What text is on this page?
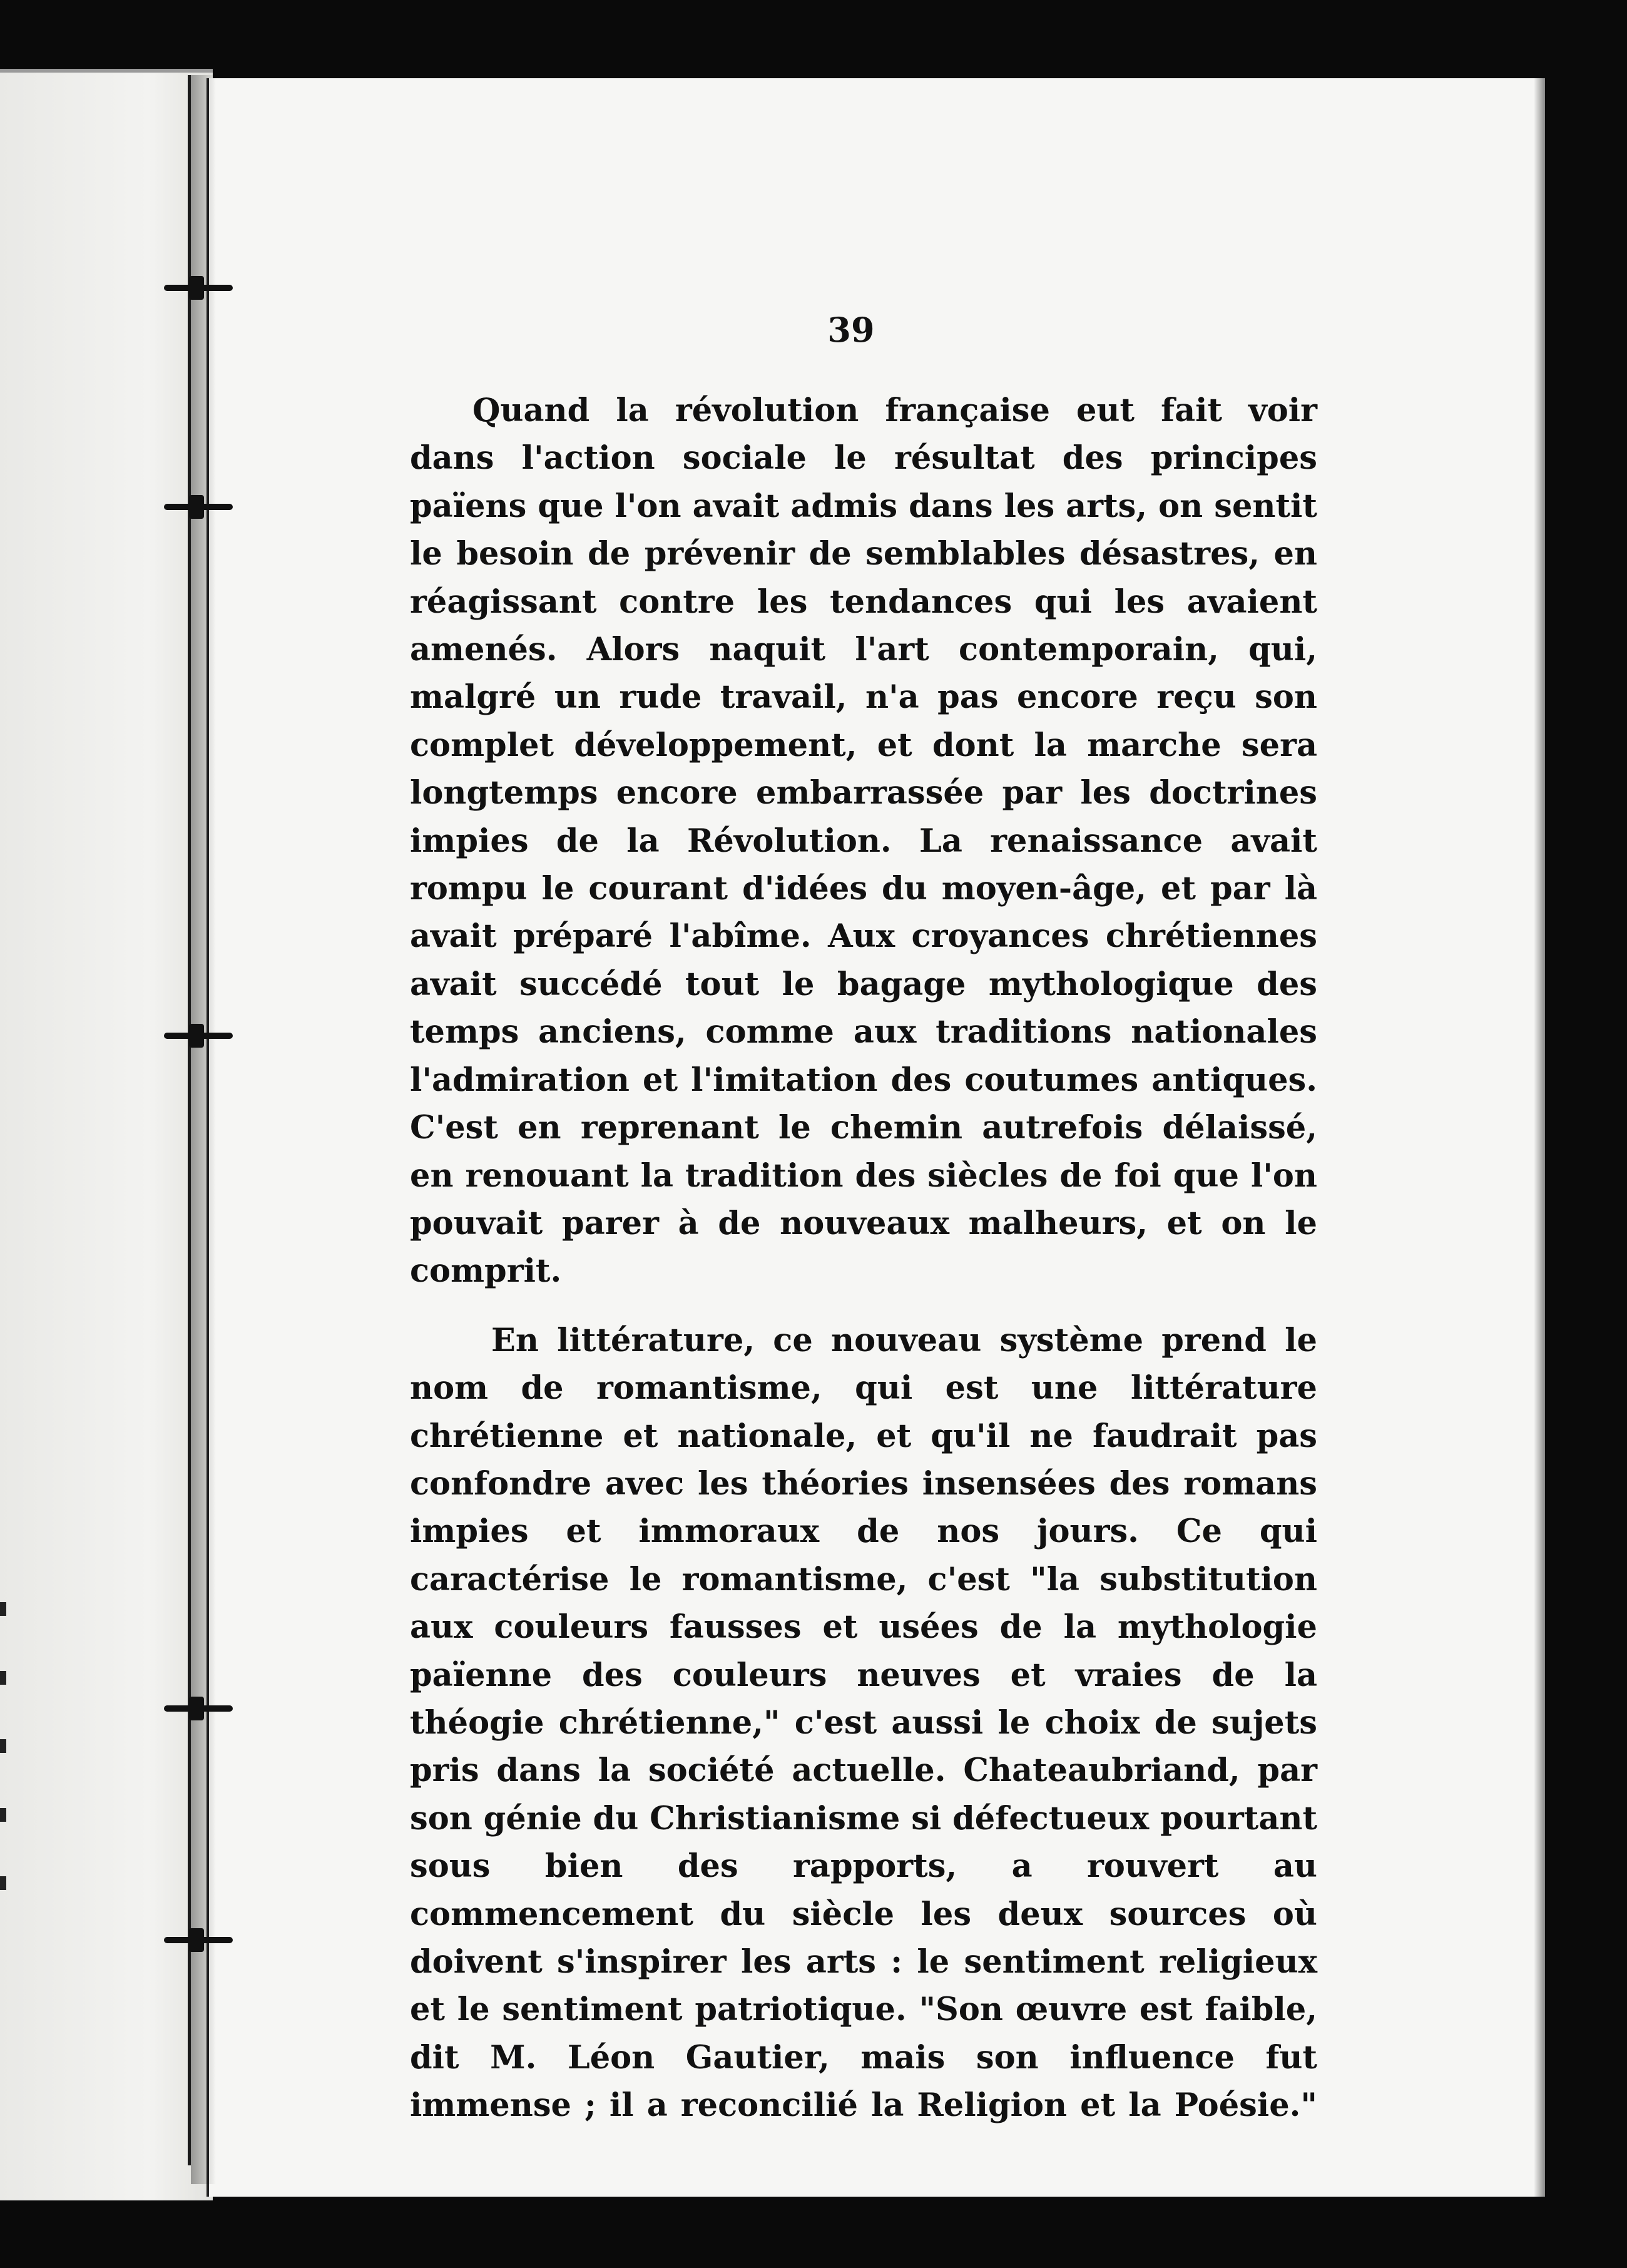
39

Quand la révolution française eut fait voir dans l'action sociale le résultat des principes païens que l'on avait admis dans les arts, on sentit le besoin de prévenir de semblables désastres, en réagissant contre les tendances qui les avaient amenés. Alors naquit l'art contemporain, qui, malgré un rude travail, n'a pas encore reçu son complet développement, et dont la marche sera longtemps encore embarrassée par les doctrines impies de la Révolution. La renaissance avait rompu le courant d'idées du moyen-âge, et par là avait préparé l'abîme. Aux croyances chrétiennes avait succédé tout le bagage mythologique des temps anciens, comme aux traditions nationales l'admiration et l'imitation des coutumes antiques. C'est en reprenant le chemin autrefois délaissé, en renouant la tradition des siècles de foi que l'on pouvait parer à de nouveaux malheurs, et on le comprit.

En littérature, ce nouveau système prend le nom de romantisme, qui est une littérature chrétienne et nationale, et qu'il ne faudrait pas confondre avec les théories insensées des romans impies et immoraux de nos jours. Ce qui caractérise le romantisme, c'est "la substitution aux couleurs fausses et usées de la mythologie païenne des couleurs neuves et vraies de la théogie chrétienne," c'est aussi le choix de sujets pris dans la société actuelle. Chateaubriand, par son génie du Christianisme si défectueux pourtant sous bien des rapports, a rouvert au commencement du siècle les deux sources où doivent s'inspirer les arts : le sentiment religieux et le sentiment patriotique. "Son œuvre est faible, dit M. Léon Gautier, mais son influence fut immense ; il a reconcilié la Religion et la Poésie."
